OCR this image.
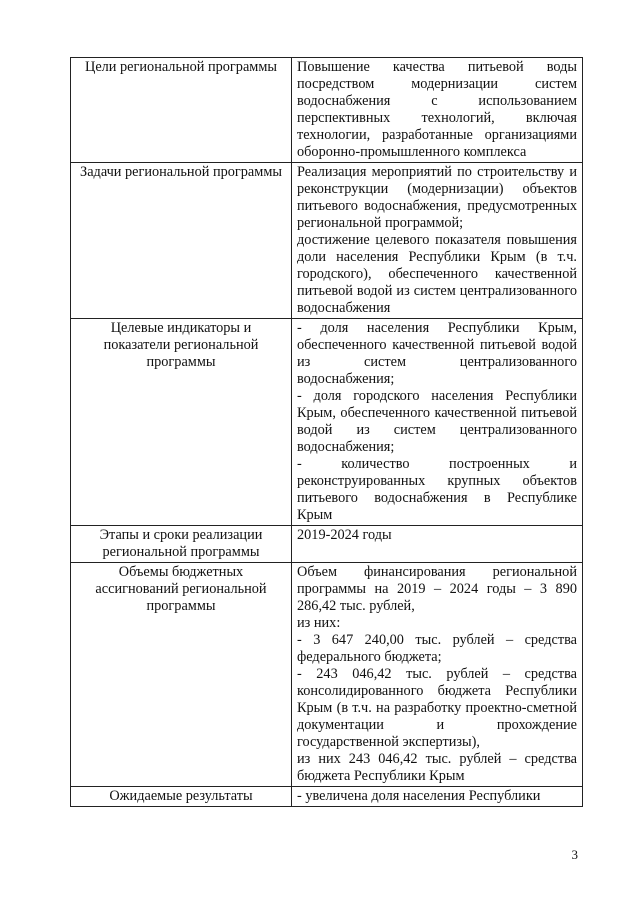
Цели региональной программы	Повышение качества питьевой воды посредством модернизации систем водоснабжения с использованием перспективных технологий, включая технологии, разработанные организациями оборонно-промышленного комплекса

Задачи региональной программы	Реализация мероприятий по строительству и реконструкции (модернизации) объектов питьевого водоснабжения, предусмотренных региональной программой;
достижение целевого показателя повышения доли населения Республики Крым (в т.ч. городского), обеспеченного качественной питьевой водой из систем централизованного водоснабжения

Целевые индикаторы и показатели региональной программы	- доля населения Республики Крым, обеспеченного качественной питьевой водой из систем централизованного водоснабжения;
- доля городского населения Республики Крым, обеспеченного качественной питьевой водой из систем централизованного водоснабжения;
- количество построенных и реконструированных крупных объектов питьевого водоснабжения в Республике Крым

Этапы и сроки реализации региональной программы	2019-2024 годы

Объемы бюджетных ассигнований региональной программы	Объем финансирования региональной программы на 2019 – 2024 годы – 3 890 286,42 тыс. рублей,
из них:
- 3 647 240,00 тыс. рублей – средства федерального бюджета;
- 243 046,42 тыс. рублей – средства консолидированного бюджета Республики Крым (в т.ч. на разработку проектно-сметной документации и прохождение государственной экспертизы),
из них 243 046,42 тыс. рублей – средства бюджета Республики Крым

Ожидаемые результаты	- увеличена доля населения Республики
3
